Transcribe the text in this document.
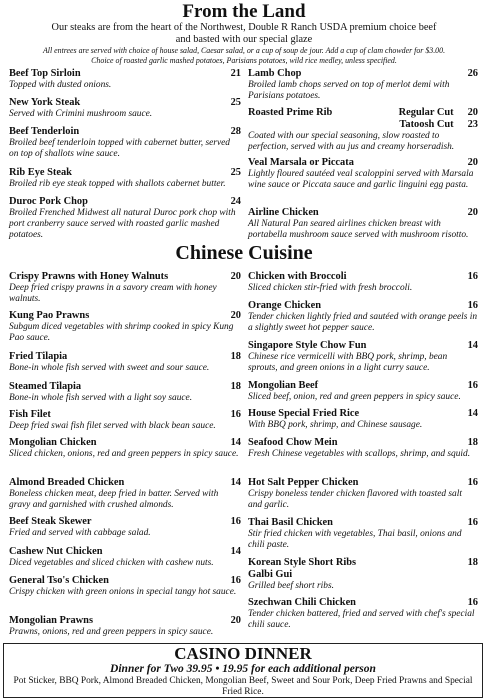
From the Land
Our steaks are from the heart of the Northwest, Double R Ranch USDA premium choice beef
and basted with our special glaze
All entrees are served with choice of house salad, Caesar salad, or a cup of soup de jour. Add a cup of clam chowder for $3.00.
Choice of roasted garlic mashed potatoes, Parisians potatoes, wild rice medley, unless specified.
Beef Top Sirloin	21
Topped with dusted onions.
New York Steak	25
Served with Crimini mushroom sauce.
Beef Tenderloin	28
Broiled beef tenderloin topped with cabernet butter, served on top of shallots wine sauce.
Rib Eye Steak	25
Broiled rib eye steak topped with shallots cabernet butter.
Duroc Pork Chop	24
Broiled Frenched Midwest all natural Duroc pork chop with port cranberry sauce served with roasted garlic mashed potatoes.
Lamb Chop	26
Broiled lamb chops served on top of merlot demi with Parisians potatoes.
Roasted Prime Rib	Regular Cut 20
Tatoosh Cut 23
Coated with our special seasoning, slow roasted to perfection, served with au jus and creamy horseradish.
Veal Marsala or Piccata	20
Lightly floured sautéed veal scaloppini served with Marsala wine sauce or Piccata sauce and garlic linguini egg pasta.
Airline Chicken	20
All Natural Pan seared airlines chicken breast with portabella mushroom sauce served with mushroom risotto.
Chinese Cuisine
Crispy Prawns with Honey Walnuts	20
Deep fried crispy prawns in a savory cream with honey walnuts.
Kung Pao Prawns	20
Subgum diced vegetables with shrimp cooked in spicy Kung Pao sauce.
Fried Tilapia	18
Bone-in whole fish served with sweet and sour sauce.
Steamed Tilapia	18
Bone-in whole fish served with a light soy sauce.
Fish Filet	16
Deep fried swai fish filet served with black bean sauce.
Mongolian Chicken	14
Sliced chicken, onions, red and green peppers in spicy sauce.
Almond Breaded Chicken	14
Boneless chicken meat, deep fried in batter. Served with gravy and garnished with crushed almonds.
Beef Steak Skewer	16
Fried and served with cabbage salad.
Cashew Nut Chicken	14
Diced vegetables and sliced chicken with cashew nuts.
General Tso's Chicken	16
Crispy chicken with green onions in special tangy hot sauce.
Mongolian Prawns	20
Prawns, onions, red and green peppers in spicy sauce.
Chicken with Broccoli	16
Sliced chicken stir-fried with fresh broccoli.
Orange Chicken	16
Tender chicken lightly fried and sautéed with orange peels in a slightly sweet hot pepper sauce.
Singapore Style Chow Fun	14
Chinese rice vermicelli with BBQ pork, shrimp, bean sprouts, and green onions in a light curry sauce.
Mongolian Beef	16
Sliced beef, onion, red and green peppers in spicy sauce.
House Special Fried Rice	14
With BBQ pork, shrimp, and Chinese sausage.
Seafood Chow Mein	18
Fresh Chinese vegetables with scallops, shrimp, and squid.
Hot Salt Pepper Chicken	16
Crispy boneless tender chicken flavored with toasted salt and garlic.
Thai Basil Chicken	16
Stir fried chicken with vegetables, Thai basil, onions and chili paste.
Korean Style Short Ribs	18
Galbi Gui
Grilled beef short ribs.
Szechwan Chili Chicken	16
Tender chicken battered, fried and served with chef's special chili sauce.
CASINO DINNER
Dinner for Two 39.95 • 19.95 for each additional person
Pot Sticker, BBQ Pork, Almond Breaded Chicken, Mongolian Beef, Sweet and Sour Pork, Deep Fried Prawns and Special Fried Rice.
